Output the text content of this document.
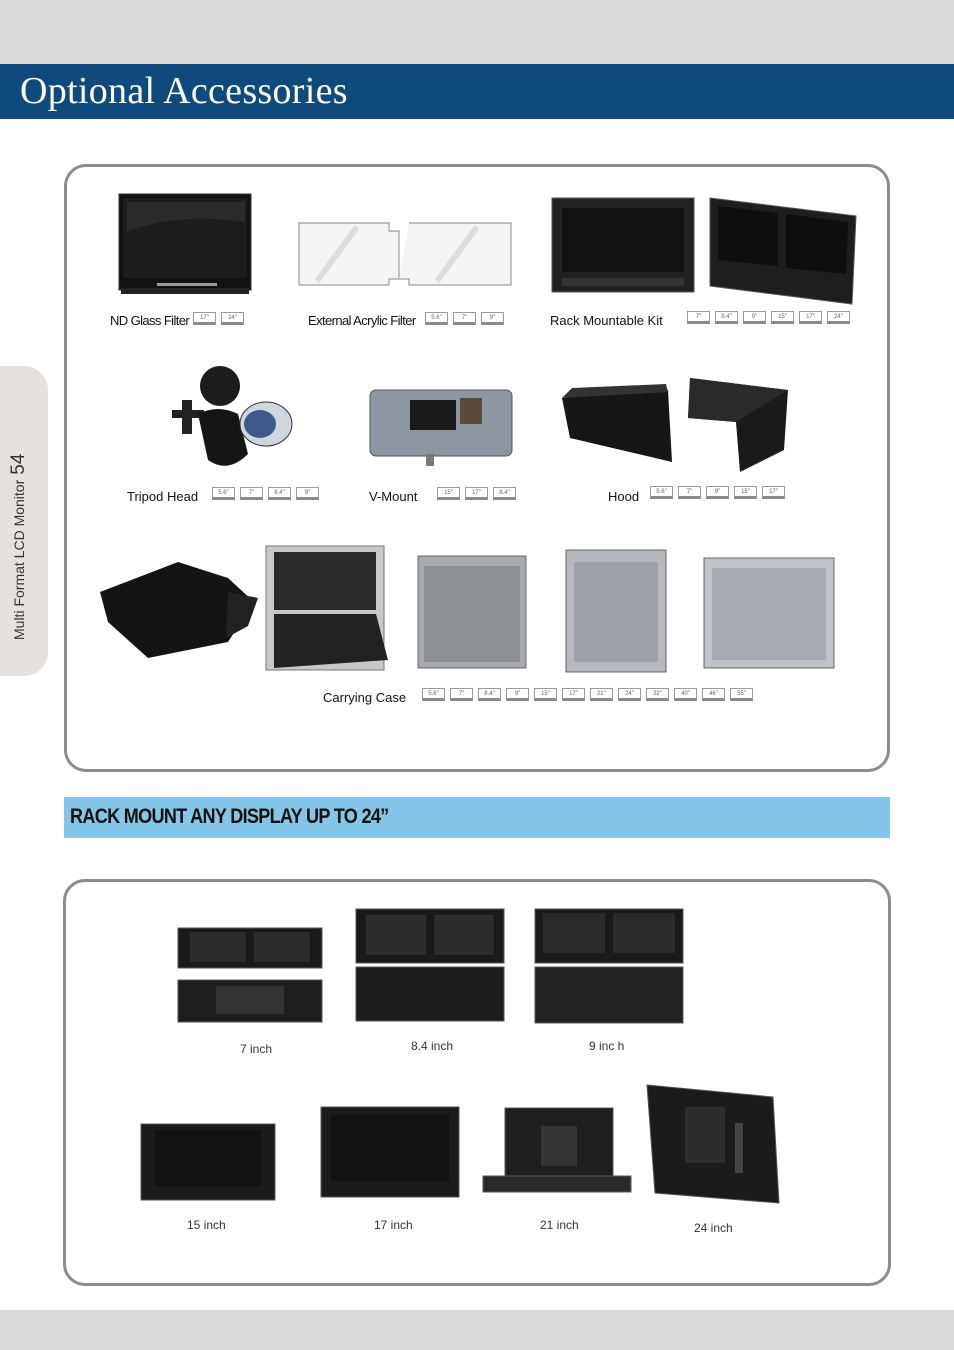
Optional Accessories
Multi Format LCD Monitor54
ND Glass Filter	17"	24"	External Acrylic Filter	5.6"	7"	9"	Rack Mountable Kit	7"	8.4"	9"	15"	17"	24"
Tripod Head	5.6"	7"	8.4"	9"	V-Mount	15"	17"	8.4"	Hood	5.6"	7"	9"	15"	17"
Carrying Case	5.6"	7"	8.4"	9"	15"	17"	21"	24"	32"	40"	46"	55"
RACK MOUNT ANY DISPLAY UP TO 24”
7 inch	8.4 inch	9 inc h
15 inch	17 inch	21 inch	24 inch
